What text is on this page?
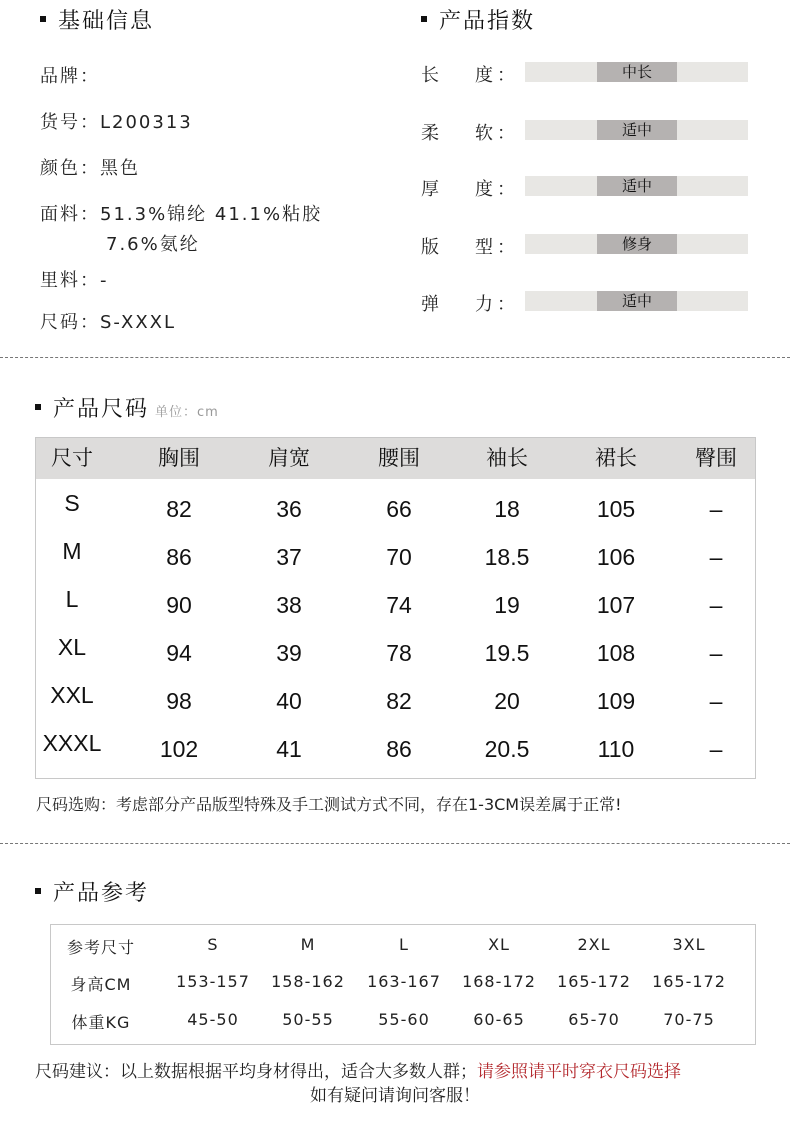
基础信息
品牌：
货号：L200313
颜色：黑色
面料：51.3%锦纶 41.1%粘胶
7.6%氨纶
里料：-
尺码：S-XXXL
产品指数
长 度 ：	中长
柔 软 ：	适中
厚 度 ：	适中
版 型 ：	修身
弹 力 ：	适中
产品尺码 单位：cm
尺寸	胸围	肩宽	腰围	袖长	裙长	臀围
S	82	36	66	18	105	–
M	86	37	70	18.5	106	–
L	90	38	74	19	107	–
XL	94	39	78	19.5	108	–
XXL	98	40	82	20	109	–
XXXL	102	41	86	20.5	110	–
尺码选购：考虑部分产品版型特殊及手工测试方式不同，存在1-3CM误差属于正常!
产品参考
参考尺寸	S	M	L	XL	2XL	3XL
身高CM	153-157	158-162	163-167	168-172	165-172	165-172
体重KG	45-50	50-55	55-60	60-65	65-70	70-75
尺码建议：以上数据根据平均身材得出，适合大多数人群；请参照请平时穿衣尺码选择
如有疑问请询问客服！
